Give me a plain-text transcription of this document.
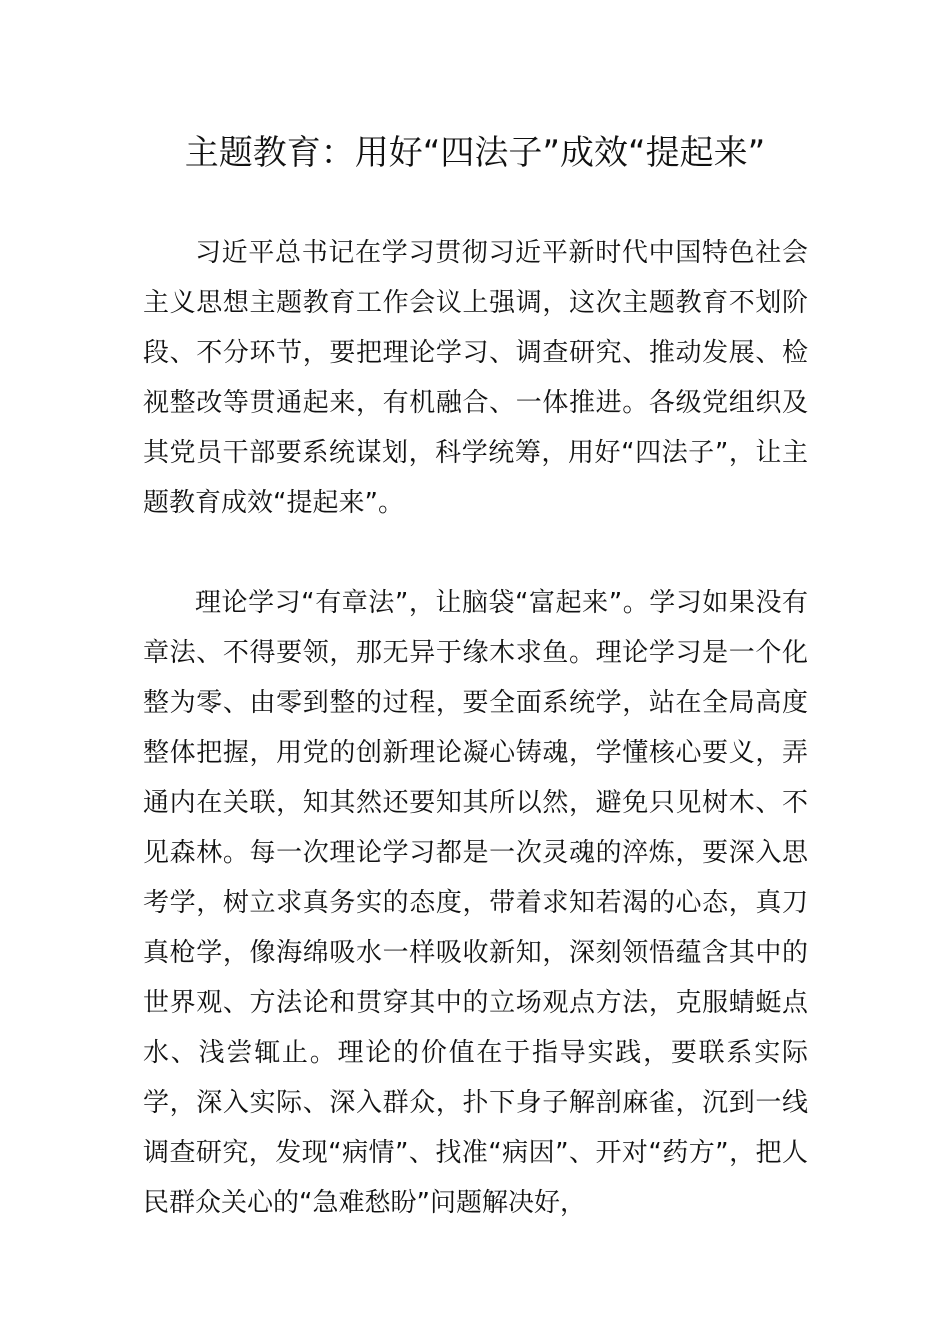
主题教育：用好“四法子”成效“提起来”

习近平总书记在学习贯彻习近平新时代中国特色社会主义思想主题教育工作会议上强调，这次主题教育不划阶段、不分环节，要把理论学习、调查研究、推动发展、检视整改等贯通起来，有机融合、一体推进。各级党组织及其党员干部要系统谋划，科学统筹，用好“四法子”，让主题教育成效“提起来”。

理论学习“有章法”，让脑袋“富起来”。学习如果没有章法、不得要领，那无异于缘木求鱼。理论学习是一个化整为零、由零到整的过程，要全面系统学，站在全局高度整体把握，用党的创新理论凝心铸魂，学懂核心要义，弄通内在关联，知其然还要知其所以然，避免只见树木、不见森林。每一次理论学习都是一次灵魂的淬炼，要深入思考学，树立求真务实的态度，带着求知若渴的心态，真刀真枪学，像海绵吸水一样吸收新知，深刻领悟蕴含其中的世界观、方法论和贯穿其中的立场观点方法，克服蜻蜓点水、浅尝辄止。理论的价值在于指导实践，要联系实际学，深入实际、深入群众，扑下身子解剖麻雀，沉到一线调查研究，发现“病情”、找准“病因”、开对“药方”，把人民群众关心的“急难愁盼”问题解决好，
